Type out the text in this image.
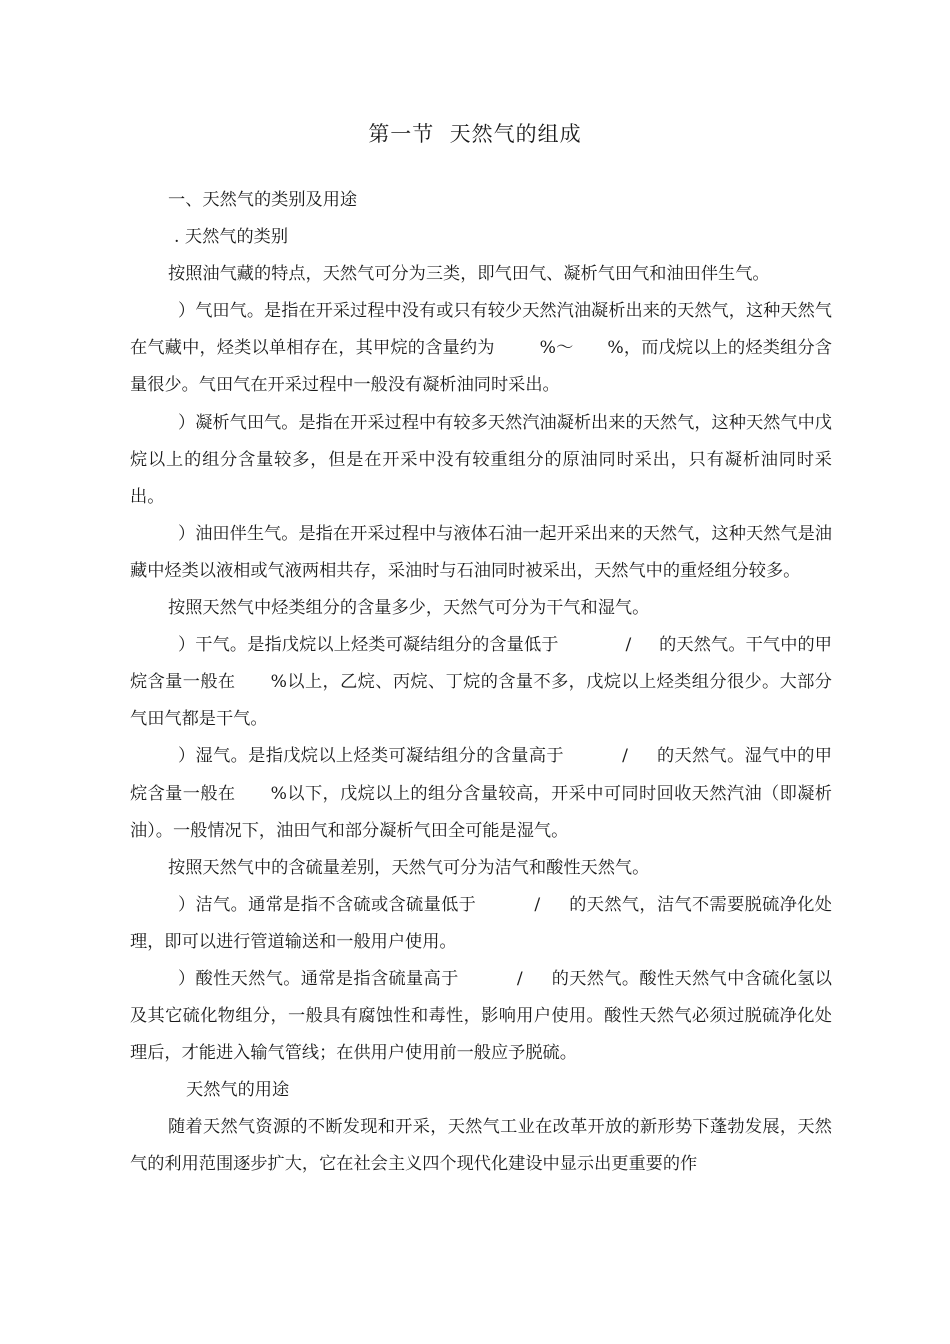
第一节  天然气的组成

一、天然气的类别及用途

. 天然气的类别

按照油气藏的特点，天然气可分为三类，即气田气、凝析气田气和油田伴生气。

）气田气。是指在开采过程中没有或只有较少天然汽油凝析出来的天然气，这种天然气在气藏中，烃类以单相存在，其甲烷的含量约为        %～      %，而戊烷以上的烃类组分含量很少。气田气在开采过程中一般没有凝析油同时采出。

）凝析气田气。是指在开采过程中有较多天然汽油凝析出来的天然气，这种天然气中戊烷以上的组分含量较多，但是在开采中没有较重组分的原油同时采出，只有凝析油同时采出。

）油田伴生气。是指在开采过程中与液体石油一起开采出来的天然气，这种天然气是油藏中烃类以液相或气液两相共存，采油时与石油同时被采出，天然气中的重烃组分较多。

按照天然气中烃类组分的含量多少，天然气可分为干气和湿气。

）干气。是指戊烷以上烃类可凝结组分的含量低于            /     的天然气。干气中的甲烷含量一般在      %以上，乙烷、丙烷、丁烷的含量不多，戊烷以上烃类组分很少。大部分气田气都是干气。

）湿气。是指戊烷以上烃类可凝结组分的含量高于          /     的天然气。湿气中的甲烷含量一般在      %以下，戊烷以上的组分含量较高，开采中可同时回收天然汽油（即凝析油）。一般情况下，油田气和部分凝析气田全可能是湿气。

按照天然气中的含硫量差别，天然气可分为洁气和酸性天然气。

）洁气。通常是指不含硫或含硫量低于          /     的天然气，洁气不需要脱硫净化处理，即可以进行管道输送和一般用户使用。

）酸性天然气。通常是指含硫量高于          /     的天然气。酸性天然气中含硫化氢以及其它硫化物组分，一般具有腐蚀性和毒性，影响用户使用。酸性天然气必须过脱硫净化处理后，才能进入输气管线；在供用户使用前一般应予脱硫。

天然气的用途

随着天然气资源的不断发现和开采，天然气工业在改革开放的新形势下蓬勃发展，天然气的利用范围逐步扩大，它在社会主义四个现代化建设中显示出更重要的作
